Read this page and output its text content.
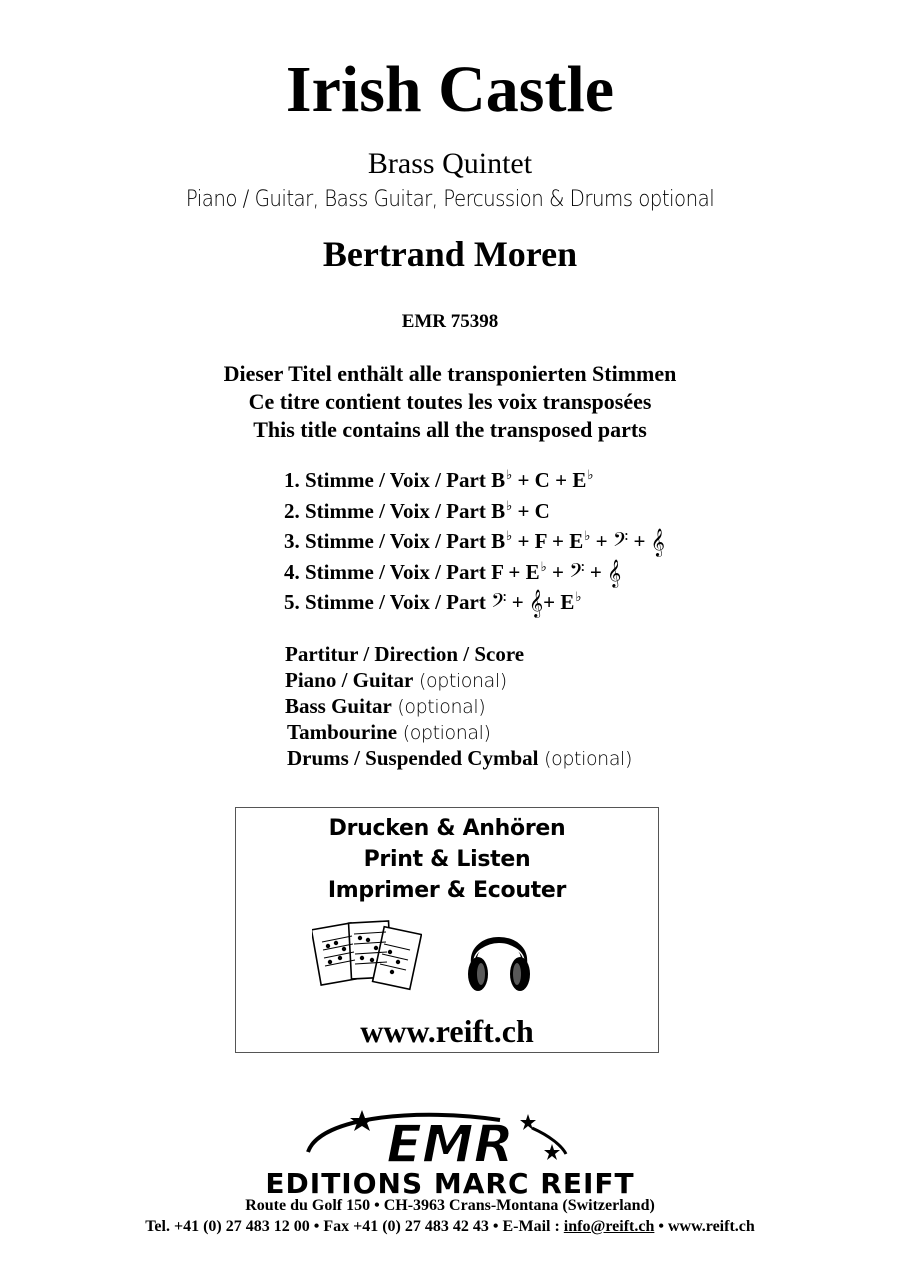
Irish Castle
Brass Quintet
Piano / Guitar, Bass Guitar, Percussion & Drums optional
Bertrand Moren
EMR 75398
Dieser Titel enthält alle transponierten Stimmen
Ce titre contient toutes les voix transposées
This title contains all the transposed parts
1. Stimme / Voix / Part B♭ + C + E♭
2. Stimme / Voix / Part B♭ + C
3. Stimme / Voix / Part B♭ + F + E♭ + 𝄢 + 𝄞
4. Stimme / Voix / Part F + E♭ + 𝄢 + 𝄞
5. Stimme / Voix / Part 𝄢 + 𝄞+ E♭
Partitur / Direction / Score
Piano / Guitar (optional)
Bass Guitar (optional)
Tambourine (optional)
Drums / Suspended Cymbal (optional)
Drucken & Anhören
Print & Listen
Imprimer & Ecouter
www.reift.ch
EMR
EDITIONS MARC REIFT
Route du Golf 150 • CH-3963 Crans-Montana (Switzerland)
Tel. +41 (0) 27 483 12 00 • Fax +41 (0) 27 483 42 43 • E-Mail : info@reift.ch • www.reift.ch
